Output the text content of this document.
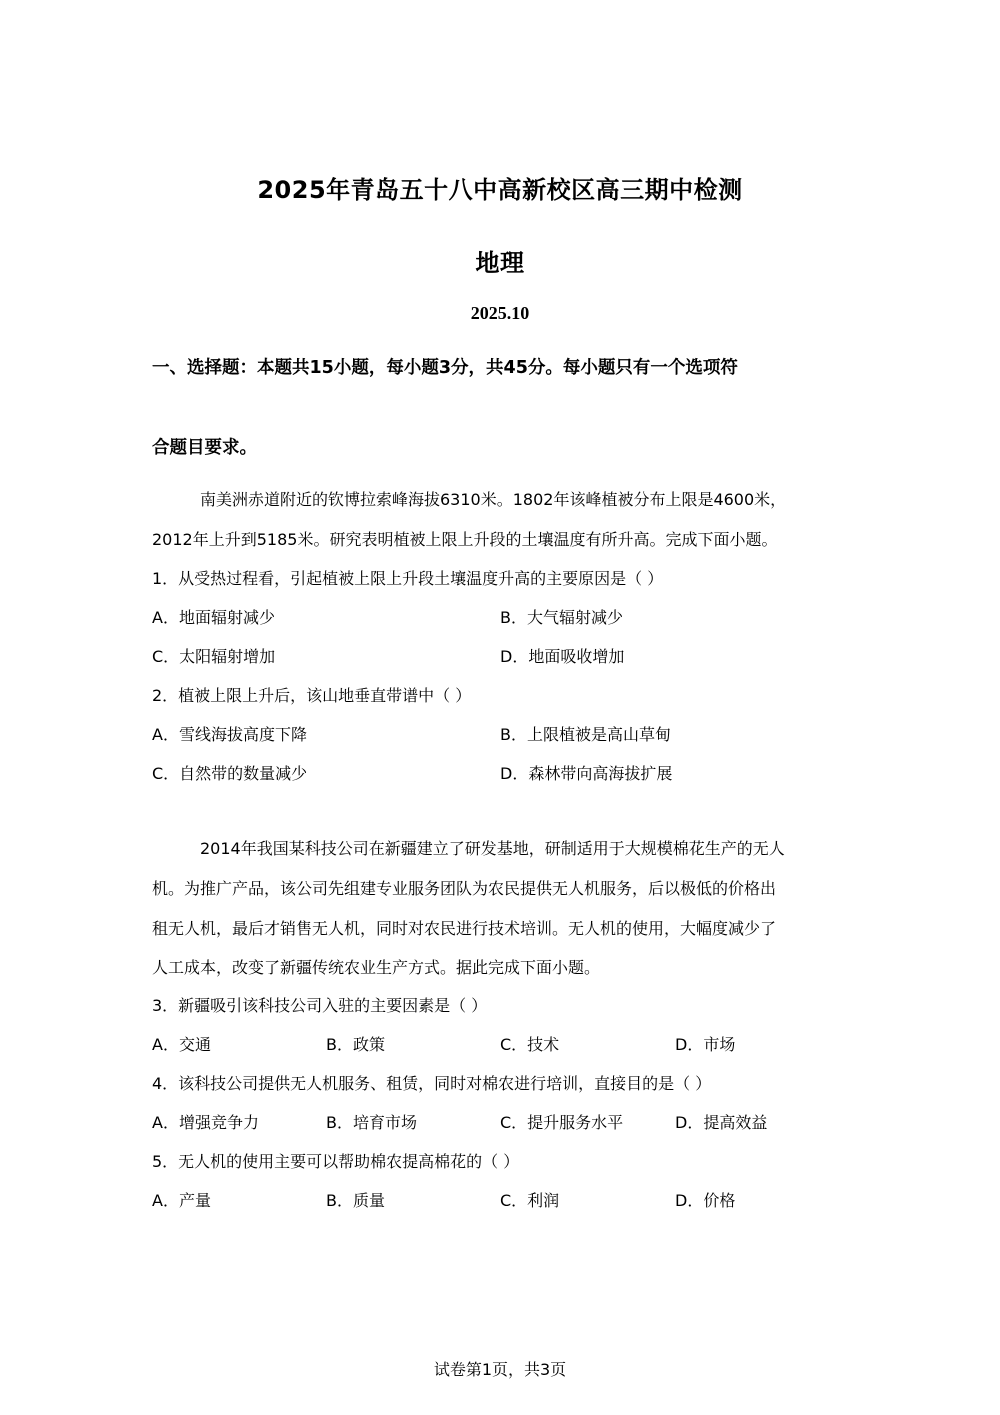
2025年青岛五十八中高新校区高三期中检测
地理
2025.10
一、选择题：本题共15小题，每小题3分，共45分。每小题只有一个选项符
合题目要求。
南美洲赤道附近的钦博拉索峰海拔6310米。1802年该峰植被分布上限是4600米，
2012年上升到5185米。研究表明植被上限上升段的土壤温度有所升高。完成下面小题。
1．从受热过程看，引起植被上限上升段土壤温度升高的主要原因是（ ）
A．地面辐射减少	B．大气辐射减少
C．太阳辐射增加	D．地面吸收增加
2．植被上限上升后，该山地垂直带谱中（ ）
A．雪线海拔高度下降	B．上限植被是高山草甸
C．自然带的数量减少	D．森林带向高海拔扩展
2014年我国某科技公司在新疆建立了研发基地，研制适用于大规模棉花生产的无人
机。为推广产品，该公司先组建专业服务团队为农民提供无人机服务，后以极低的价格出
租无人机，最后才销售无人机，同时对农民进行技术培训。无人机的使用，大幅度减少了
人工成本，改变了新疆传统农业生产方式。据此完成下面小题。
3．新疆吸引该科技公司入驻的主要因素是（ ）
A．交通	B．政策	C．技术	D．市场
4．该科技公司提供无人机服务、租赁，同时对棉农进行培训，直接目的是（ ）
A．增强竞争力	B．培育市场	C．提升服务水平	D．提高效益
5．无人机的使用主要可以帮助棉农提高棉花的（ ）
A．产量	B．质量	C．利润	D．价格
试卷第1页，共3页
